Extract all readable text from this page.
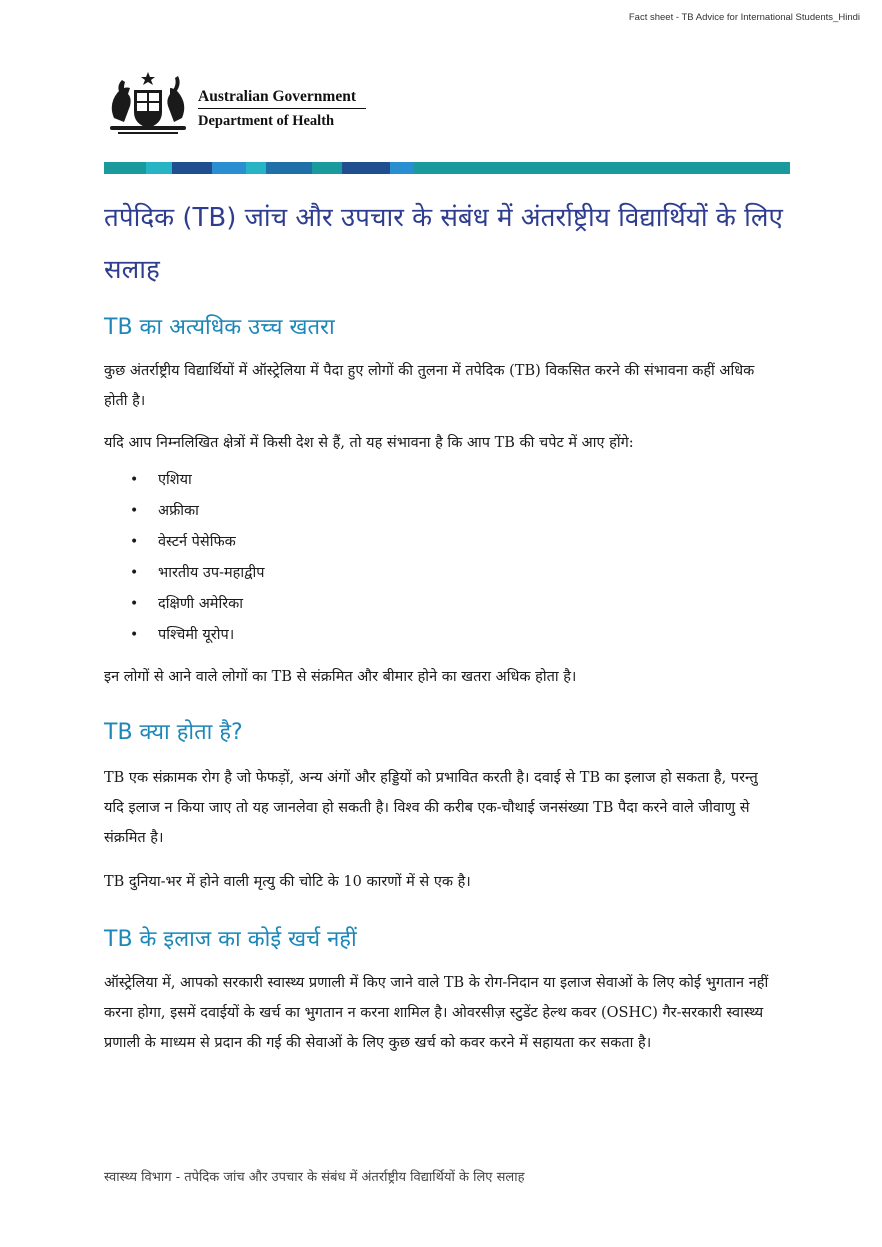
Fact sheet - TB Advice for International Students_Hindi
Australian Government
Department of Health
तपेदिक (TB) जांच और उपचार के संबंध में अंतर्राष्ट्रीय विद्यार्थियों के लिए सलाह
TB का अत्यधिक उच्च खतरा

कुछ अंतर्राष्ट्रीय विद्यार्थियों में ऑस्ट्रेलिया में पैदा हुए लोगों की तुलना में तपेदिक (TB) विकसित करने की संभावना कहीं अधिक होती है।

यदि आप निम्नलिखित क्षेत्रों में किसी देश से हैं, तो यह संभावना है कि आप TB की चपेट में आए होंगे:

• एशिया
• अफ्रीका
• वेस्टर्न पेसेफिक
• भारतीय उप-महाद्वीप
• दक्षिणी अमेरिका
• पश्चिमी यूरोप।

इन लोगों से आने वाले लोगों का TB से संक्रमित और बीमार होने का खतरा अधिक होता है।

TB क्या होता है?

TB एक संक्रामक रोग है जो फेफड़ों, अन्य अंगों और हड्डियों को प्रभावित करती है। दवाई से TB का इलाज हो सकता है, परन्तु यदि इलाज न किया जाए तो यह जानलेवा हो सकती है। विश्व की करीब एक-चौथाई जनसंख्या TB पैदा करने वाले जीवाणु से संक्रमित है।

TB दुनिया-भर में होने वाली मृत्यु की चोटि के 10 कारणों में से एक है।

TB के इलाज का कोई खर्च नहीं

ऑस्ट्रेलिया में, आपको सरकारी स्वास्थ्य प्रणाली में किए जाने वाले TB के रोग-निदान या इलाज सेवाओं के लिए कोई भुगतान नहीं करना होगा, इसमें दवाईयों के खर्च का भुगतान न करना शामिल है। ओवरसीज़ स्टुडेंट हेल्थ कवर (OSHC) गैर-सरकारी स्वास्थ्य प्रणाली के माध्यम से प्रदान की गई की सेवाओं के लिए कुछ खर्च को कवर करने में सहायता कर सकता है।

स्वास्थ्य विभाग - तपेदिक जांच और उपचार के संबंध में अंतर्राष्ट्रीय विद्यार्थियों के लिए सलाह
